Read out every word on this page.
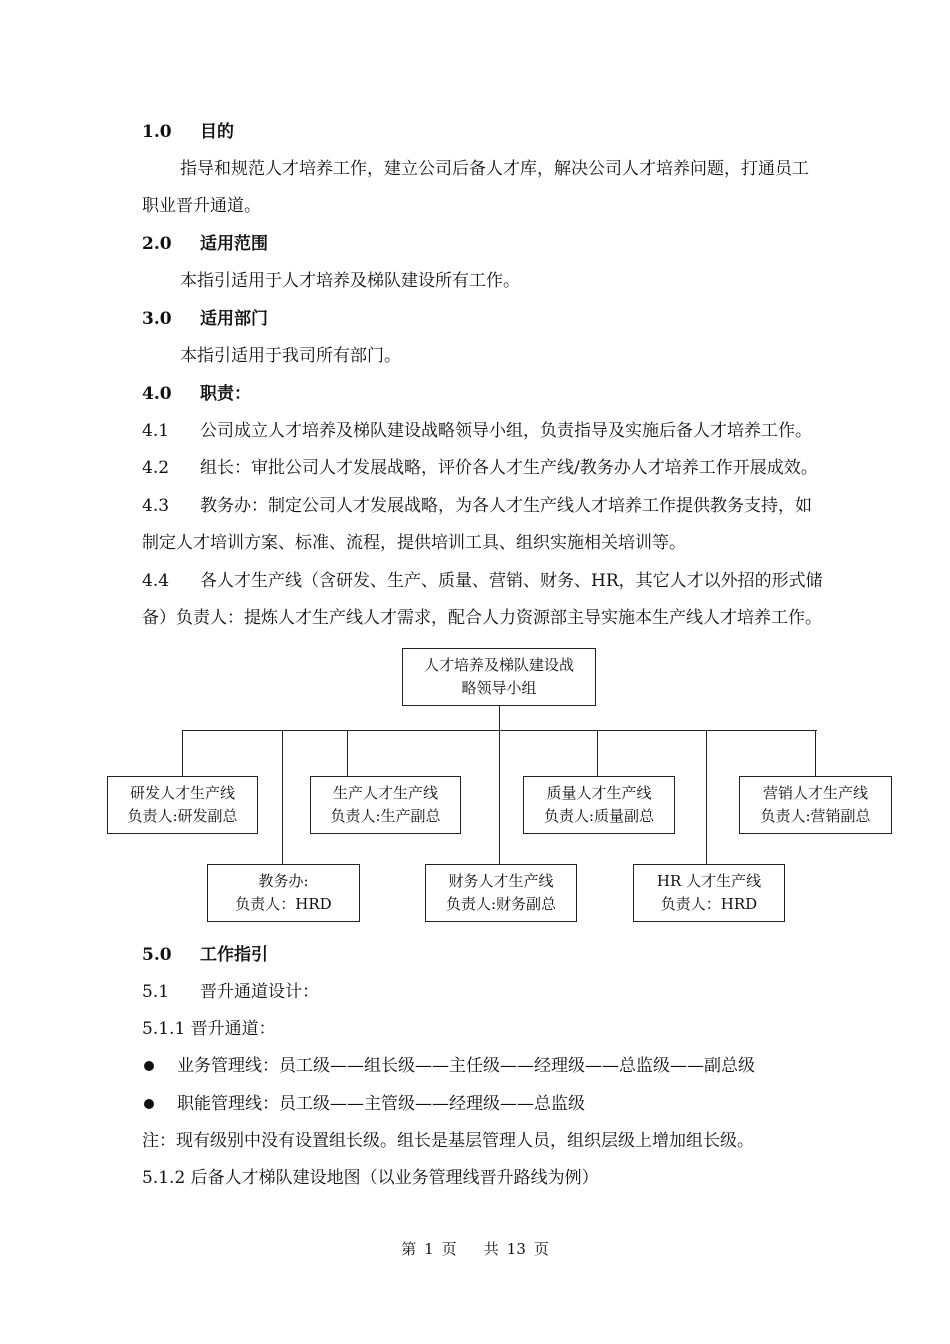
1.0 目的
指导和规范人才培养工作，建立公司后备人才库，解决公司人才培养问题，打通员工
职业晋升通道。
2.0 适用范围
本指引适用于人才培养及梯队建设所有工作。
3.0 适用部门
本指引适用于我司所有部门。
4.0 职责：
4.1 公司成立人才培养及梯队建设战略领导小组，负责指导及实施后备人才培养工作。
4.2 组长：审批公司人才发展战略，评价各人才生产线/教务办人才培养工作开展成效。
4.3 教务办：制定公司人才发展战略，为各人才生产线人才培养工作提供教务支持，如
制定人才培训方案、标准、流程，提供培训工具、组织实施相关培训等。
4.4 各人才生产线（含研发、生产、质量、营销、财务、HR，其它人才以外招的形式储
备）负责人：提炼人才生产线人才需求，配合人力资源部主导实施本生产线人才培养工作。
人才培养及梯队建设战
略领导小组
研发人才生产线
负责人:研发副总
生产人才生产线
负责人:生产副总
质量人才生产线
负责人:质量副总
营销人才生产线
负责人:营销副总
教务办:
负责人：HRD
财务人才生产线
负责人:财务副总
HR 人才生产线
负责人：HRD
5.0 工作指引
5.1 晋升通道设计：
5.1.1 晋升通道：
业务管理线：员工级——组长级——主任级——经理级——总监级——副总级
职能管理线：员工级——主管级——经理级——总监级
注：现有级别中没有设置组长级。组长是基层管理人员，组织层级上增加组长级。
5.1.2 后备人才梯队建设地图（以业务管理线晋升路线为例）
第 1 页 共 13 页
